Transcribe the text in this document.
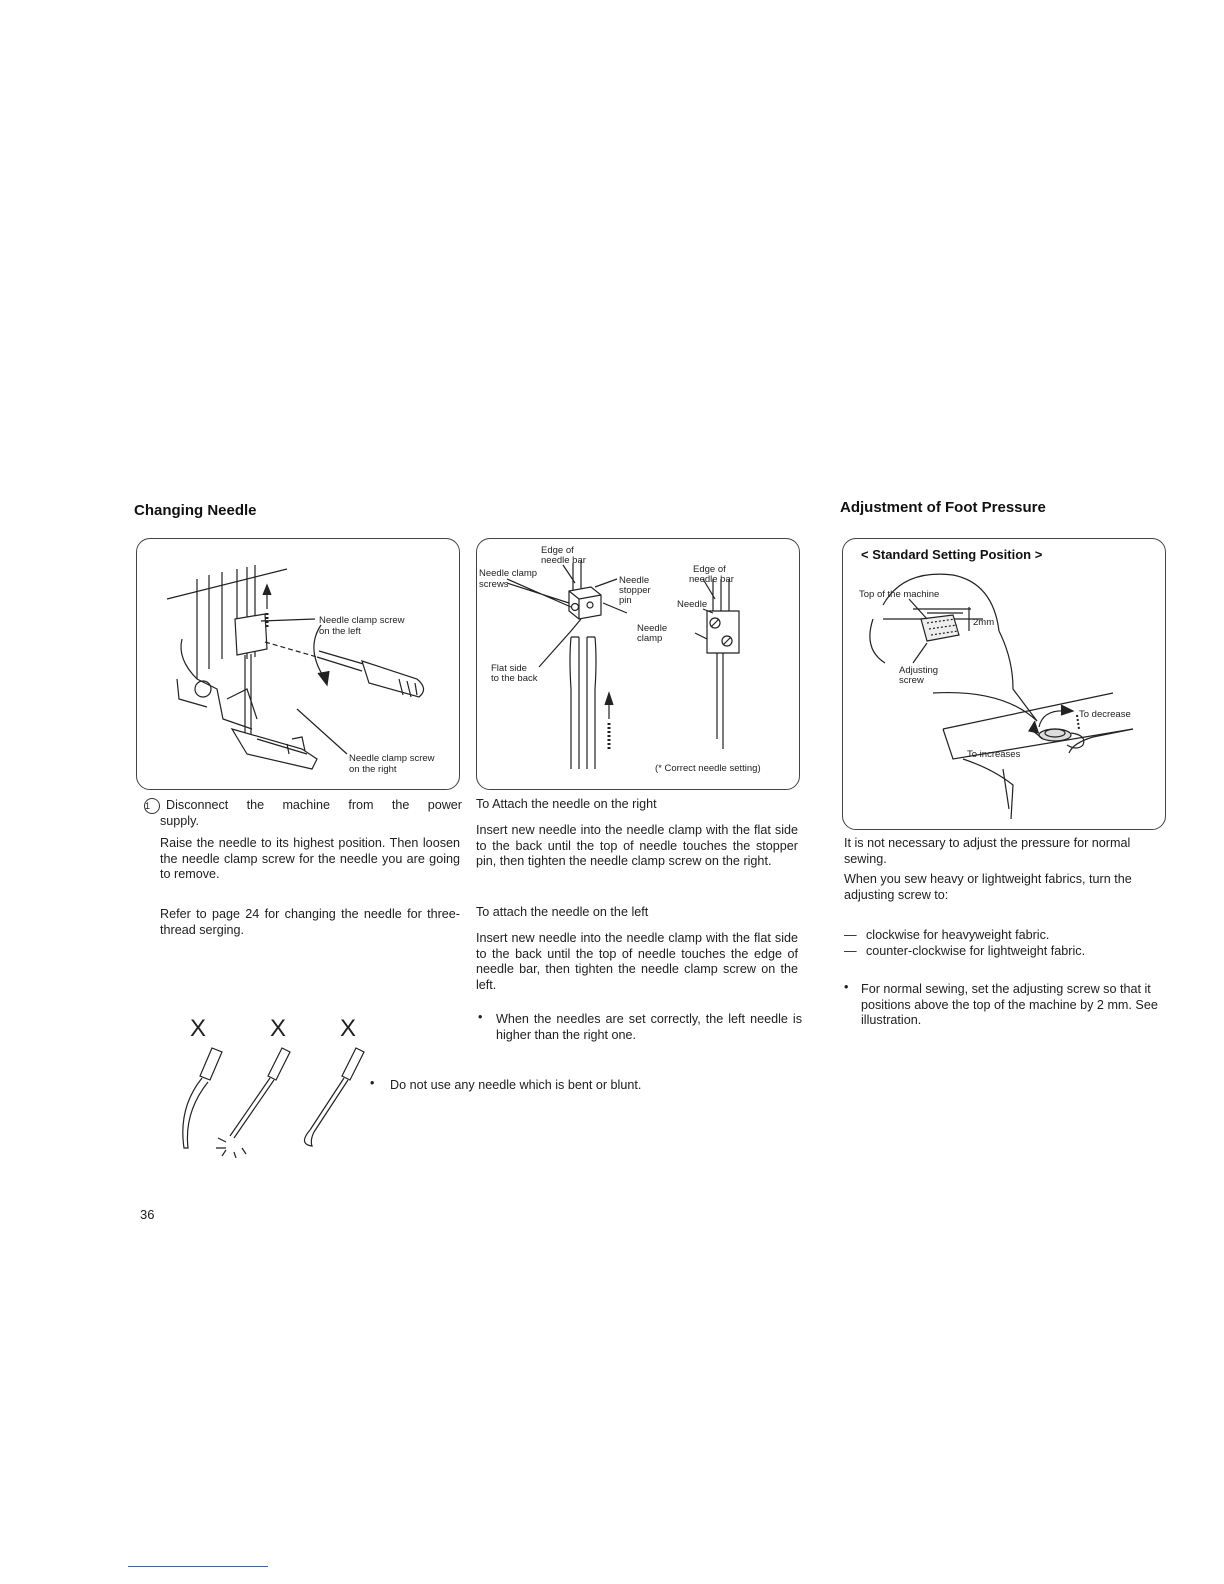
Changing Needle
Needle clamp screw
on the left
Needle clamp screw
on the right
1	Disconnect the machine from the power
supply.
Raise the needle to its highest position. Then loosen the needle clamp screw for the needle you are going to remove.
Refer to page 24 for changing the needle for three-thread serging.
X	X X
• Do not use any needle which is bent or blunt.
Edge of
needle bar
Needle clamp
screws	Needle
stopper
pin
Edge of
needle bar
Needle
Needle
clamp
Flat side
to the back
(* Correct needle setting)
To Attach the needle on the right
Insert new needle into the needle clamp with the flat side to the back until the top of needle touches the stopper pin, then tighten the needle clamp screw on the right.
To attach the needle on the left
Insert new needle into the needle clamp with the flat side to the back until the top of needle touches the edge of needle bar, then tighten the needle clamp screw on the left.
•	When the needles are set correctly, the left needle is higher than the right one.
Adjustment of Foot Pressure
< Standard Setting Position >
Top of the machine
2mm
Adjusting
screw
To decrease
To increases
It is not necessary to adjust the pressure for normal sewing.
When you sew heavy or lightweight fabrics, turn the adjusting screw to:
— clockwise for heavyweight fabric.
— counter-clockwise for lightweight fabric.
• For normal sewing, set the adjusting screw so that it positions above the top of the machine by 2 mm. See illustration.
36
